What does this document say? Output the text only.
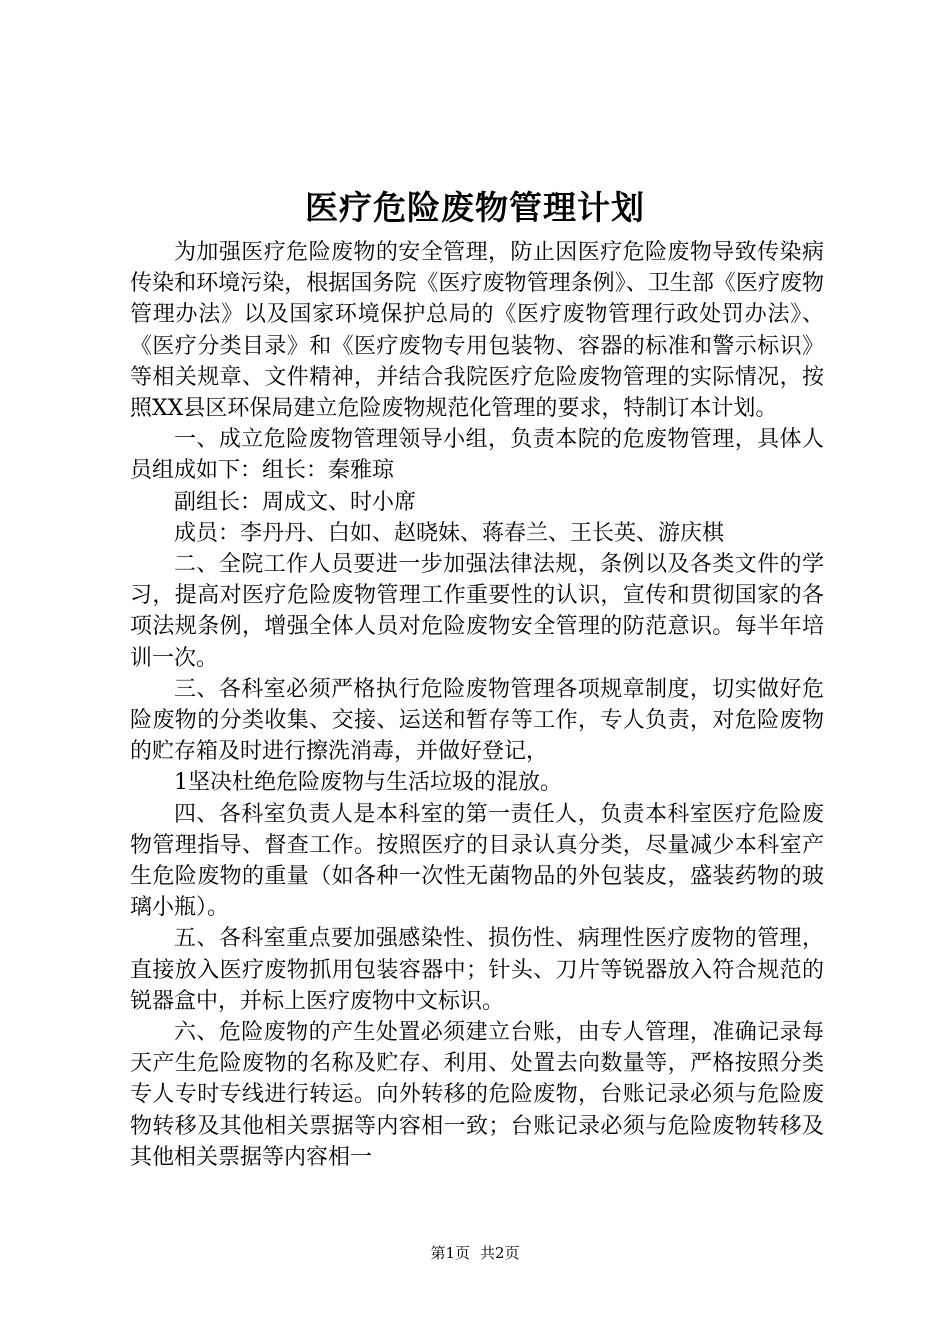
医疗危险废物管理计划

为加强医疗危险废物的安全管理，防止因医疗危险废物导致传染病传染和环境污染，根据国务院《医疗废物管理条例》、卫生部《医疗废物管理办法》以及国家环境保护总局的《医疗废物管理行政处罚办法》、《医疗分类目录》和《医疗废物专用包装物、容器的标准和警示标识》等相关规章、文件精神，并结合我院医疗危险废物管理的实际情况，按照XX县区环保局建立危险废物规范化管理的要求，特制订本计划。

一、成立危险废物管理领导小组，负责本院的危废物管理，具体人员组成如下：组长：秦雅琼

副组长：周成文、时小席

成员：李丹丹、白如、赵晓妹、蒋春兰、王长英、游庆棋

二、全院工作人员要进一步加强法律法规，条例以及各类文件的学习，提高对医疗危险废物管理工作重要性的认识，宣传和贯彻国家的各项法规条例，增强全体人员对危险废物安全管理的防范意识。每半年培训一次。

三、各科室必须严格执行危险废物管理各项规章制度，切实做好危险废物的分类收集、交接、运送和暂存等工作，专人负责，对危险废物的贮存箱及时进行擦洗消毒，并做好登记，

1坚决杜绝危险废物与生活垃圾的混放。

四、各科室负责人是本科室的第一责任人，负责本科室医疗危险废物管理指导、督查工作。按照医疗的目录认真分类，尽量减少本科室产生危险废物的重量（如各种一次性无菌物品的外包装皮，盛装药物的玻璃小瓶）。

五、各科室重点要加强感染性、损伤性、病理性医疗废物的管理，直接放入医疗废物抓用包装容器中；针头、刀片等锐器放入符合规范的锐器盒中，并标上医疗废物中文标识。

六、危险废物的产生处置必须建立台账，由专人管理，准确记录每天产生危险废物的名称及贮存、利用、处置去向数量等，严格按照分类专人专时专线进行转运。向外转移的危险废物，台账记录必须与危险废物转移及其他相关票据等内容相一致；台账记录必须与危险废物转移及其他相关票据等内容相一

第1页 共2页
